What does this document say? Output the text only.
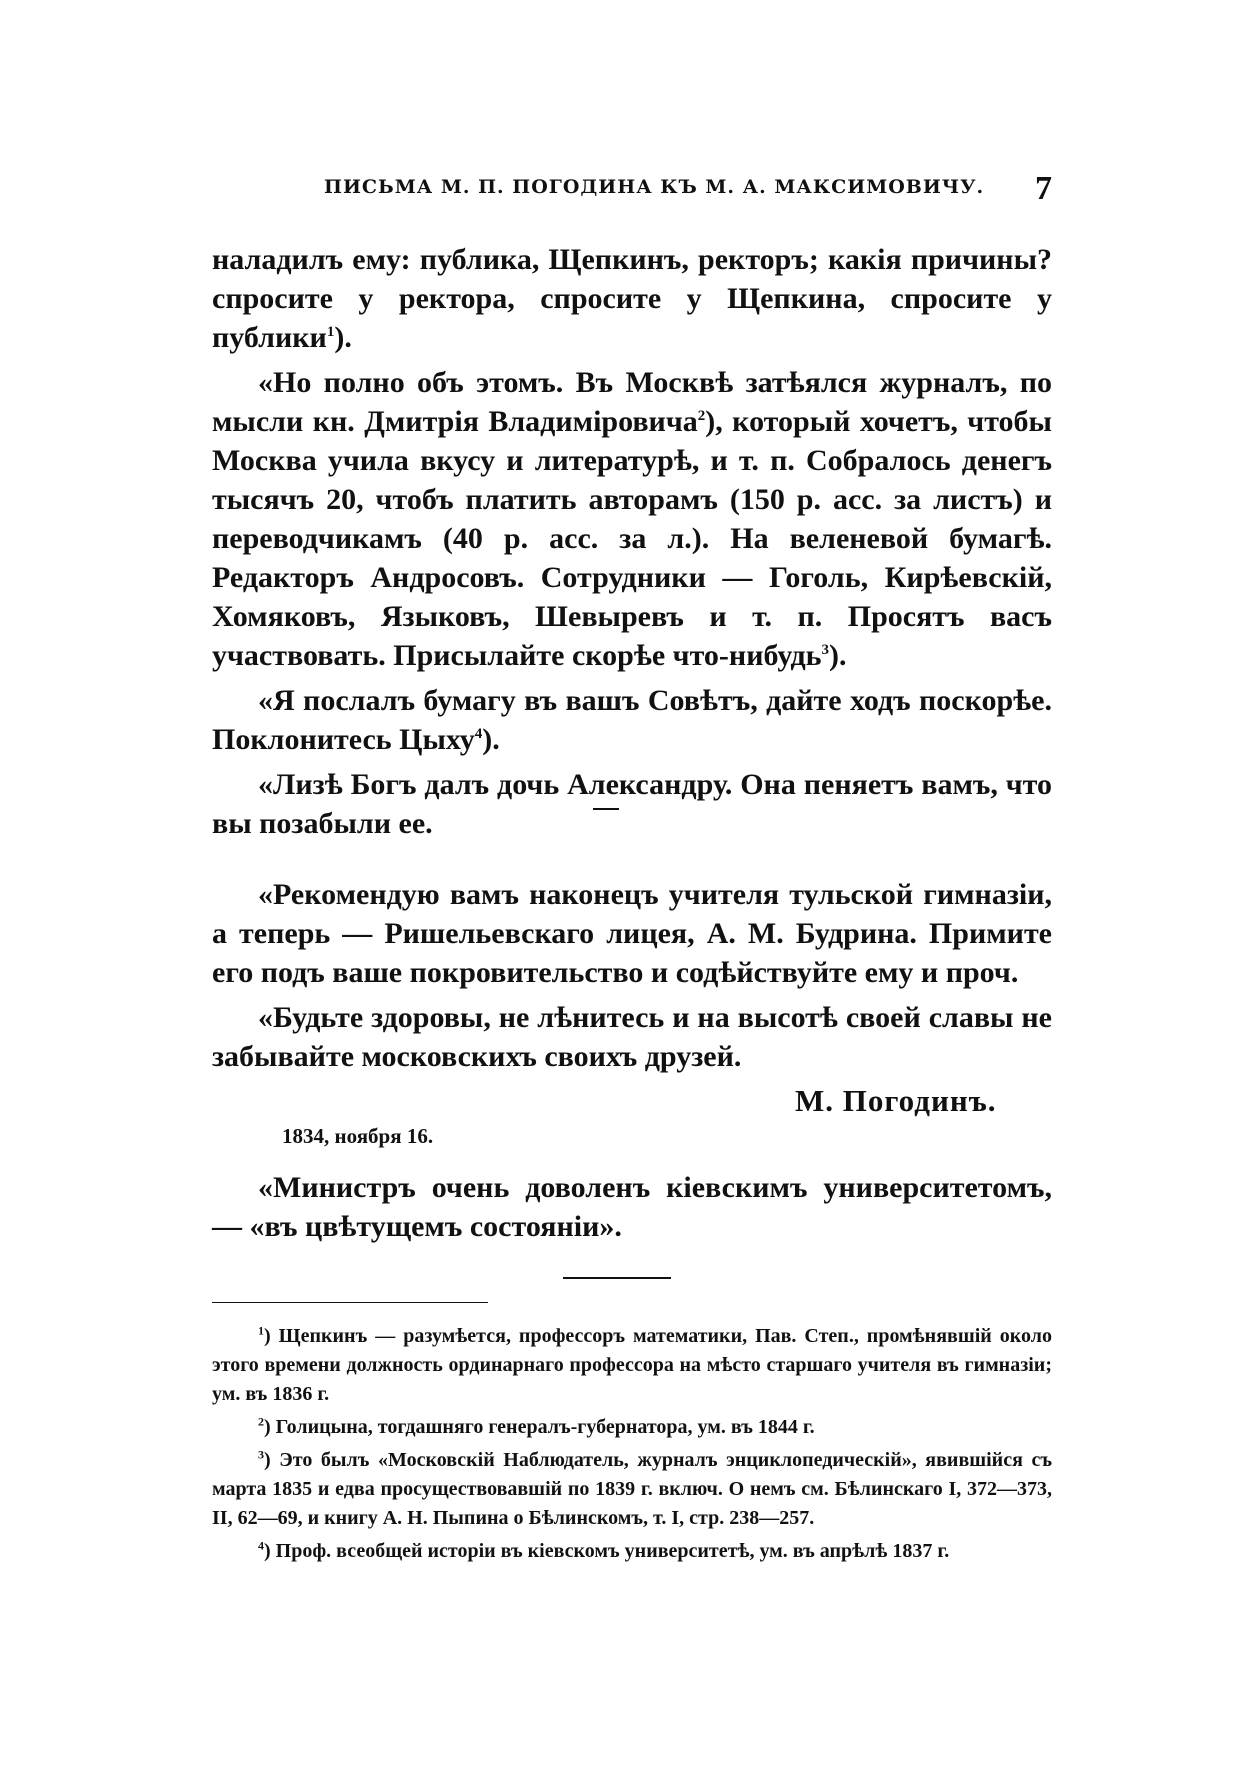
ПИСЬМА М. П. ПОГОДИНА КЪ М. А. МАКСИМОВИЧУ. 7

наладилъ ему: публика, Щепкинъ, ректоръ; какія причины? спросите у ректора, спросите у Щепкина, спросите у публики$^1$).

«Но полно объ этомъ. Въ Москвѣ затѣялся журналъ, по мысли кн. Дмитрія Владиміровича$^2$), который хочетъ, чтобы Москва учила вкусу и литературѣ, и т. п. Собралось денегъ тысячъ 20, чтобъ платить авторамъ (150 р. асс. за листъ) и переводчикамъ (40 р. асс. за л.). На веленевой бумагѣ. Редакторъ Андросовъ. Сотрудники — Гоголь, Кирѣевскій, Хомяковъ, Языковъ, Шевыревъ и т. п. Просятъ васъ участвовать. Присылайте скорѣе что-нибудь$^3$).

«Я послалъ бумагу въ вашъ Совѣтъ, дайте ходъ поскорѣе. Поклонитесь Цыху$^4$).

«Лизѣ Богъ далъ дочь Александру. Она пеняетъ вамъ, что вы позабыли ее.

«Рекомендую вамъ наконецъ учителя тульской гимназіи, а теперь — Ришельевскаго лицея, А. М. Будрина. Примите его подъ ваше покровительство и содѣйствуйте ему и проч.

«Будьте здоровы, не лѣнитесь и на высотѣ своей славы не забывайте московскихъ своихъ друзей.

М. Погодинъ.
1834, ноября 16.

«Министръ очень доволенъ кіевскимъ университетомъ, — «въ цвѣтущемъ состояніи».

$^1$) Щепкинъ — разумѣется, профессоръ математики, Пав. Степ., промѣнявшій около этого времени должность ординарнаго профессора на мѣсто старшаго учителя въ гимназіи; ум. въ 1836 г.

$^2$) Голицына, тогдашняго генералъ-губернатора, ум. въ 1844 г.

$^3$) Это былъ «Московскій Наблюдатель, журналъ энциклопедическій», явившійся съ марта 1835 и едва просуществовавшій по 1839 г. включ. О немъ см. Бѣлинскаго I, 372—373, II, 62—69, и книгу А. Н. Пыпина о Бѣлинскомъ, т. I, стр. 238—257.

$^4$) Проф. всеобщей исторіи въ кіевскомъ университетѣ, ум. въ апрѣлѣ 1837 г.
